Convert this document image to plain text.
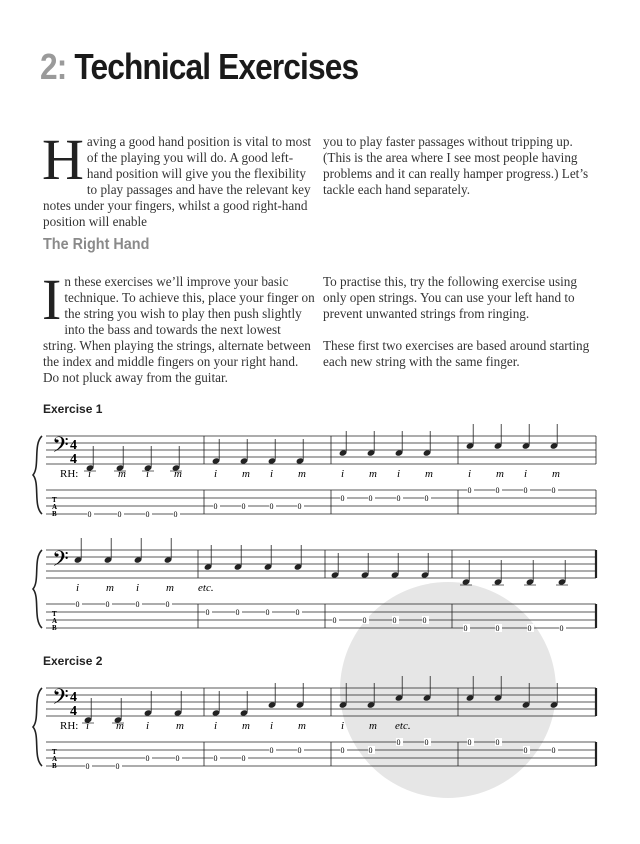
2: Technical Exercises

Having a good hand position is vital to most of the playing you will do. A good left-hand position will give you the flexibility to play passages and have the relevant key notes under your fingers, whilst a good right-hand position will enable

you to play faster passages without tripping up. (This is the area where I see most people having problems and it can really hamper progress.) Let’s tackle each hand separately.

The Right Hand

In these exercises we’ll improve your basic technique. To achieve this, place your finger on the string you wish to play then push slightly into the bass and towards the next lowest string. When playing the strings, alternate between the index and middle fingers on your right hand. Do not pluck away from the guitar.

To practise this, try the following exercise using only open strings. You can use your left hand to prevent unwanted strings from ringing.

These first two exercises are based around starting each new string with the same finger.

Exercise 1
Exercise 2
T
A
B
𝄢 4
4
i
0
m
0
i
0
m
0
i
0
m
0
i
0
m
0
i
0
m
0
i
0
m
0
i
0
m
0
i
0
m
0
RH:
T
A
B
𝄢
i
0
m
0
i
0
m
0
0	0	0	0
0	0	0	0
0	0	0	0
etc.
T
A
B
𝄢 4
4
i
0
m
0
i
0
m
0
i
0
m
0
i
0
m
0
i
0
m
0
0	0	0	0
0	0
RH:	etc.
